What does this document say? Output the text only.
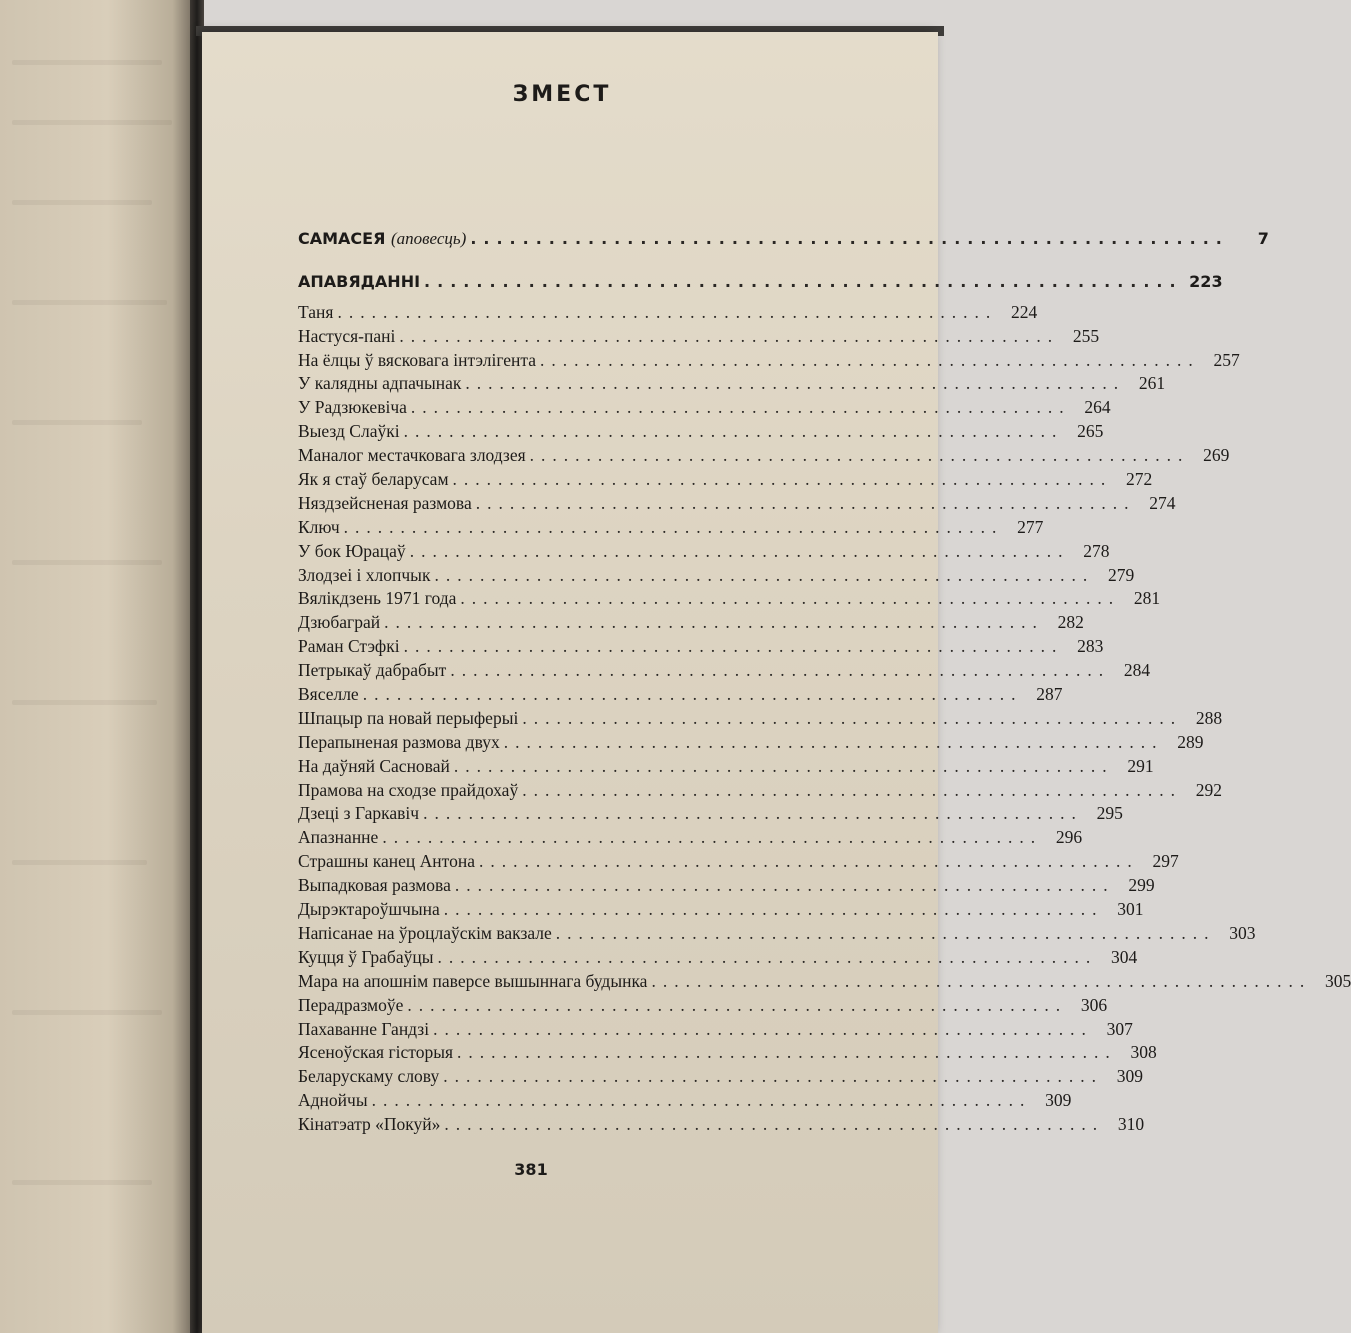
ЗМЕСТ
САМАСЕЯ (аповесць) ..........................................................	7
АПАВЯДАННІ .......................................................... 223
Таня .......................................................... 224
Настуся-пані .......................................................... 255
На ёлцы ў вясковага інтэлігента .......................................................... 257
У калядны адпачынак .......................................................... 261
У Радзюкевіча .......................................................... 264
Выезд Слаўкі .......................................................... 265
Маналог местачковага злодзея .......................................................... 269
Як я стаў беларусам .......................................................... 272
Няздзейсненая размова .......................................................... 274
Ключ .......................................................... 277
У бок Юрацаў .......................................................... 278
Злодзеі і хлопчык .......................................................... 279
Вялікдзень 1971 года .......................................................... 281
Дзюбаграй .......................................................... 282
Раман Стэфкі .......................................................... 283
Петрыкаў дабрабыт .......................................................... 284
Вяселле .......................................................... 287
Шпацыр па новай перыферыі .......................................................... 288
Перапыненая размова двух .......................................................... 289
На даўняй Сасновай .......................................................... 291
Прамова на сходзе прайдохаў .......................................................... 292
Дзеці з Гаркавіч .......................................................... 295
Апазнанне .......................................................... 296
Страшны канец Антона .......................................................... 297
Выпадковая размова .......................................................... 299
Дырэктароўшчына .......................................................... 301
Напісанае на ўроцлаўскім вакзале .......................................................... 303
Куцця ў Грабаўцы .......................................................... 304
Мара на апошнім паверсе вышыннага будынка .......................................................... 305
Перадразмоўе .......................................................... 306
Пахаванне Гандзі .......................................................... 307
Ясеноўская гісторыя .......................................................... 308
Беларускаму слову .......................................................... 309
Аднойчы .......................................................... 309
Кінатэатр «Покуй» .......................................................... 310
381
